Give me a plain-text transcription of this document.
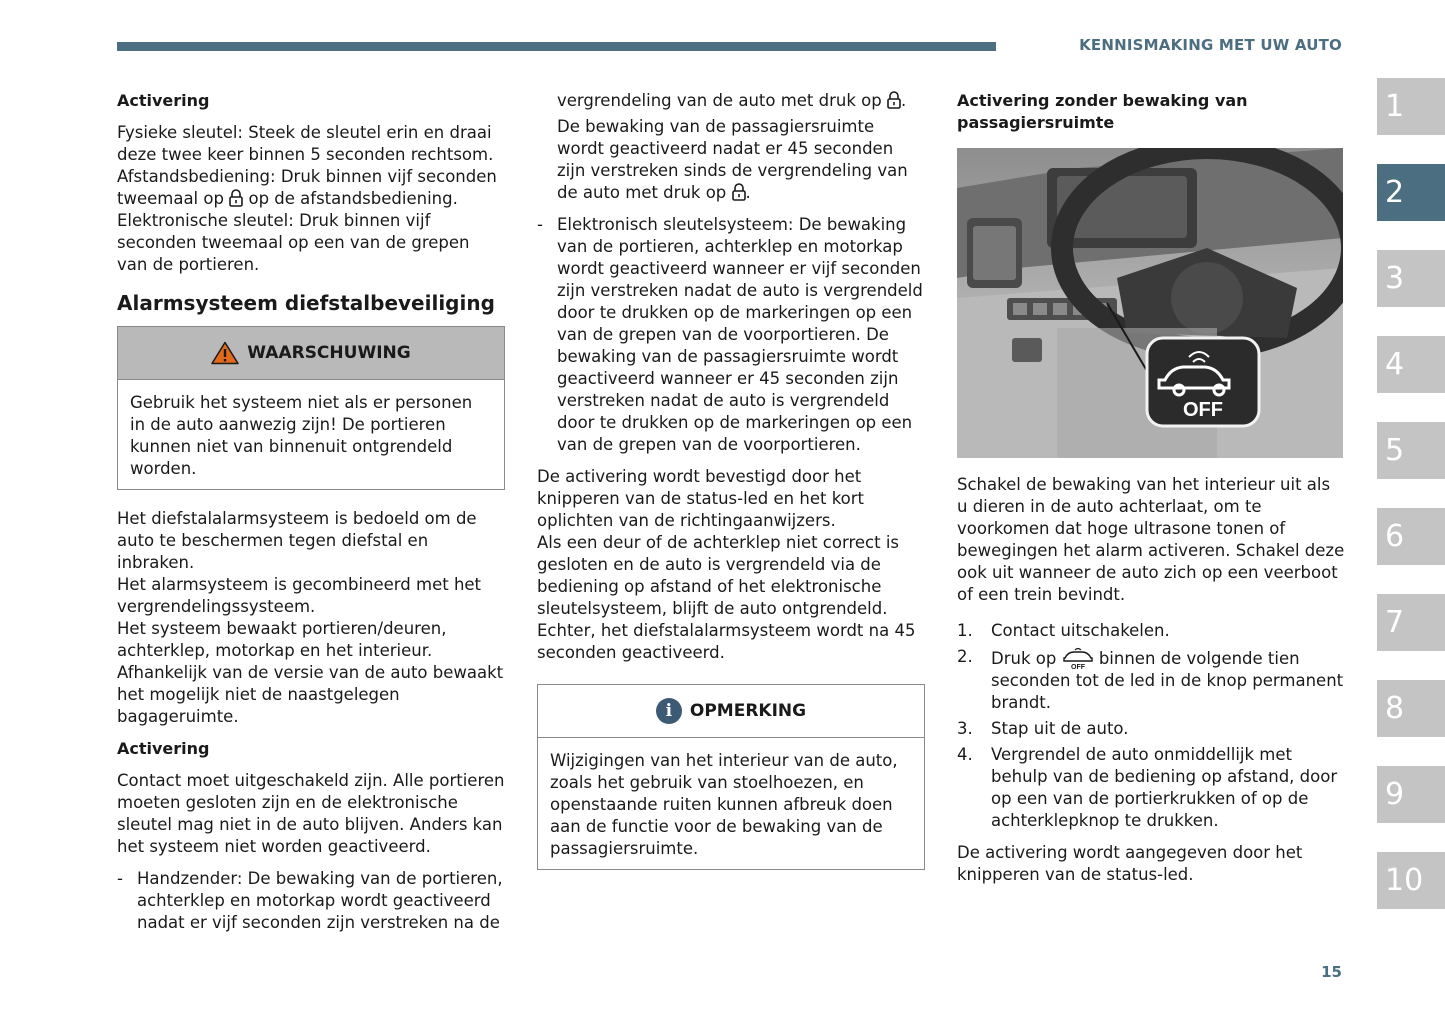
KENNISMAKING MET UW AUTO
Activering

Fysieke sleutel: Steek de sleutel erin en draai deze twee keer binnen 5 seconden rechtsom.

Afstandsbediening: Druk binnen vijf seconden tweemaal op op de afstandsbediening.

Elektronische sleutel: Druk binnen vijf seconden tweemaal op een van de grepen van de portieren.

Alarmsysteem diefstalbeveiliging
WAARSCHUWING
Gebruik het systeem niet als er personen in de auto aanwezig zijn! De portieren kunnen niet van binnenuit ontgrendeld worden.

Het diefstalalarmsysteem is bedoeld om de auto te beschermen tegen diefstal en inbraken.

Het alarmsysteem is gecombineerd met het vergrendelingssysteem.

Het systeem bewaakt portieren/deuren, achterklep, motorkap en het interieur.

Afhankelijk van de versie van de auto bewaakt het mogelijk niet de naastgelegen bagageruimte.

Activering

Contact moet uitgeschakeld zijn. Alle portieren moeten gesloten zijn en de elektronische sleutel mag niet in de auto blijven. Anders kan het systeem niet worden geactiveerd.

- Handzender: De bewaking van de portieren, achterklep en motorkap wordt geactiveerd nadat er vijf seconden zijn verstreken na de

vergrendeling van de auto met druk op .

De bewaking van de passagiersruimte wordt geactiveerd nadat er 45 seconden zijn verstreken sinds de vergrendeling van de auto met druk op .

- Elektronisch sleutelsysteem: De bewaking van de portieren, achterklep en motorkap wordt geactiveerd wanneer er vijf seconden zijn verstreken nadat de auto is vergrendeld door te drukken op de markeringen op een van de grepen van de voorportieren. De bewaking van de passagiersruimte wordt geactiveerd wanneer er 45 seconden zijn verstreken nadat de auto is vergrendeld door te drukken op de markeringen op een van de grepen van de voorportieren.

De activering wordt bevestigd door het knipperen van de status-led en het kort oplichten van de richtingaanwijzers.

Als een deur of de achterklep niet correct is gesloten en de auto is vergrendeld via de bediening op afstand of het elektronische sleutelsysteem, blijft de auto ontgrendeld. Echter, het diefstalalarmsysteem wordt na 45 seconden geactiveerd.

i	OPMERKING
Wijzigingen van het interieur van de auto, zoals het gebruik van stoelhoezen, en openstaande ruiten kunnen afbreuk doen aan de functie voor de bewaking van de passagiersruimte.
Activering zonder bewaking van passagiersruimte
OFF

Schakel de bewaking van het interieur uit als u dieren in de auto achterlaat, om te voorkomen dat hoge ultrasone tonen of bewegingen het alarm activeren. Schakel deze ook uit wanneer de auto zich op een veerboot of een trein bevindt.

1.	Contact uitschakelen.
2.	Druk op OFF binnen de volgende tien seconden tot de led in de knop permanent brandt.
3.	Stap uit de auto.
4.	Vergrendel de auto onmiddellijk met behulp van de bediening op afstand, door op een van de portierkrukken of op de achterklepknop te drukken.

De activering wordt aangegeven door het knipperen van de status-led.

1
2
3
4
5
6
7
8
9
10
15
